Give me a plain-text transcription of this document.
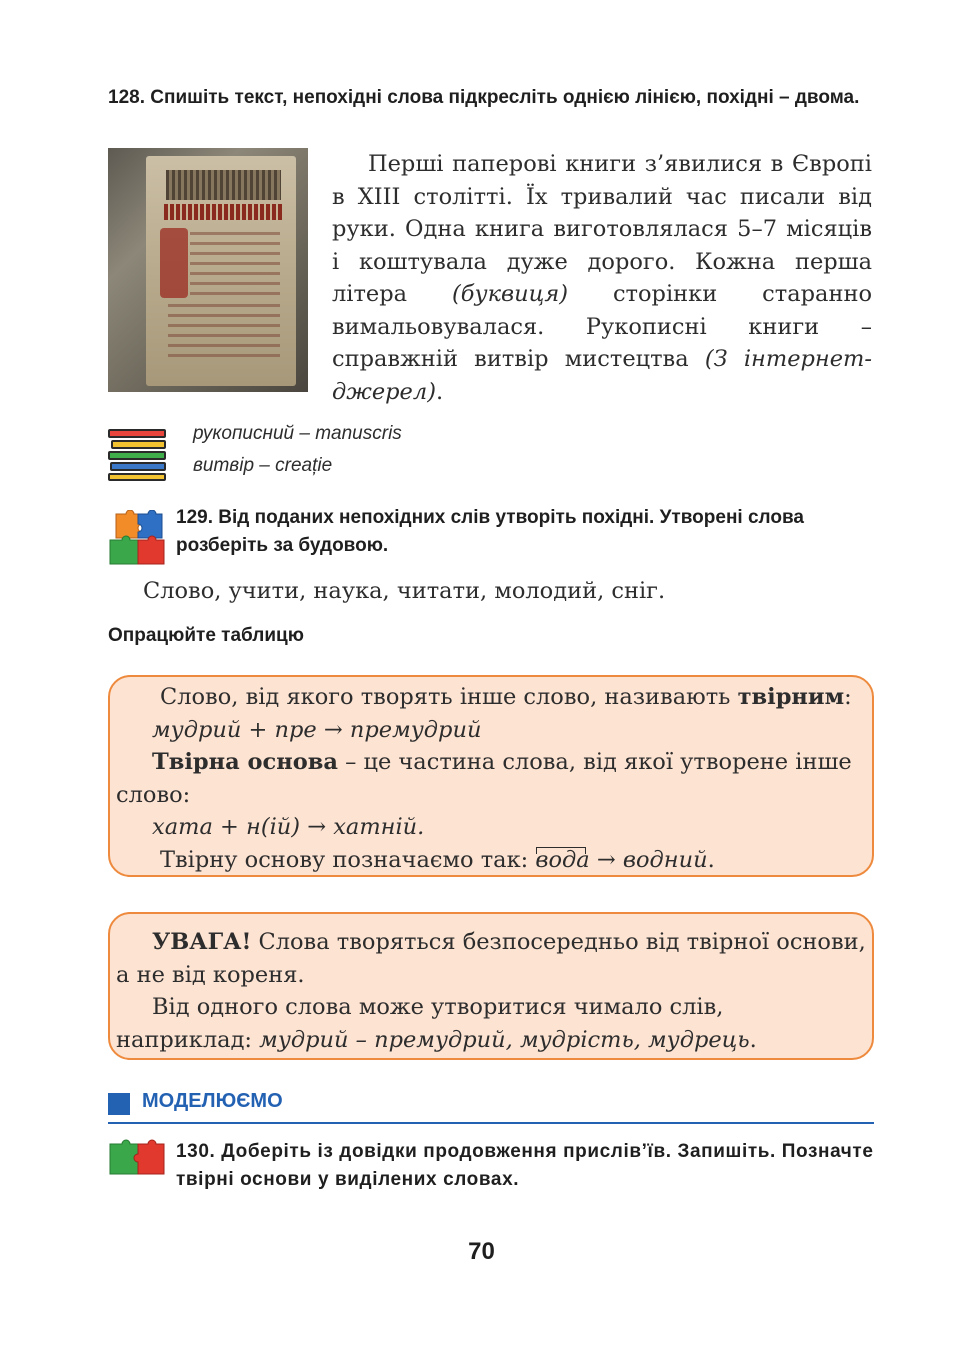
128. Спишіть текст, непохідні слова підкресліть однією лінією, похідні – двома.

Перші паперові книги з’явилися в Європі в XIII столітті. Їх тривалий час писали від руки. Одна книга виготовлялася 5–7 місяців і коштувала дуже дорого. Кожна перша літера (буквиця) сторінки старанно вимальовувалася. Рукописні книги – справжній витвір мистецтва (З інтернет-джерел).

рукописний – manuscris
витвір – creație
129. Від поданих непохідних слів утворіть похідні. Утворені слова розберіть за будовою.
Слово, учити, наука, читати, молодий, сніг.
Опрацюйте таблицю
Слово, від якого творять інше слово, називають твірним:
мудрий + пре → премудрий
Твірна основа – це частина слова, від якої утворене інше слово:
хата + н(ій) → хатній.
Твірну основу позначаємо так: вода → водний.
УВАГА! Слова творяться безпосередньо від твірної основи, а не від кореня.
Від одного слова може утворитися чимало слів, наприклад: мудрий – премудрий, мудрість, мудрець.
МОДЕЛЮЄМО
130. Доберіть із довідки продовження прислів’їв. Запишіть. Позначте твірні основи у виділених словах.
70
